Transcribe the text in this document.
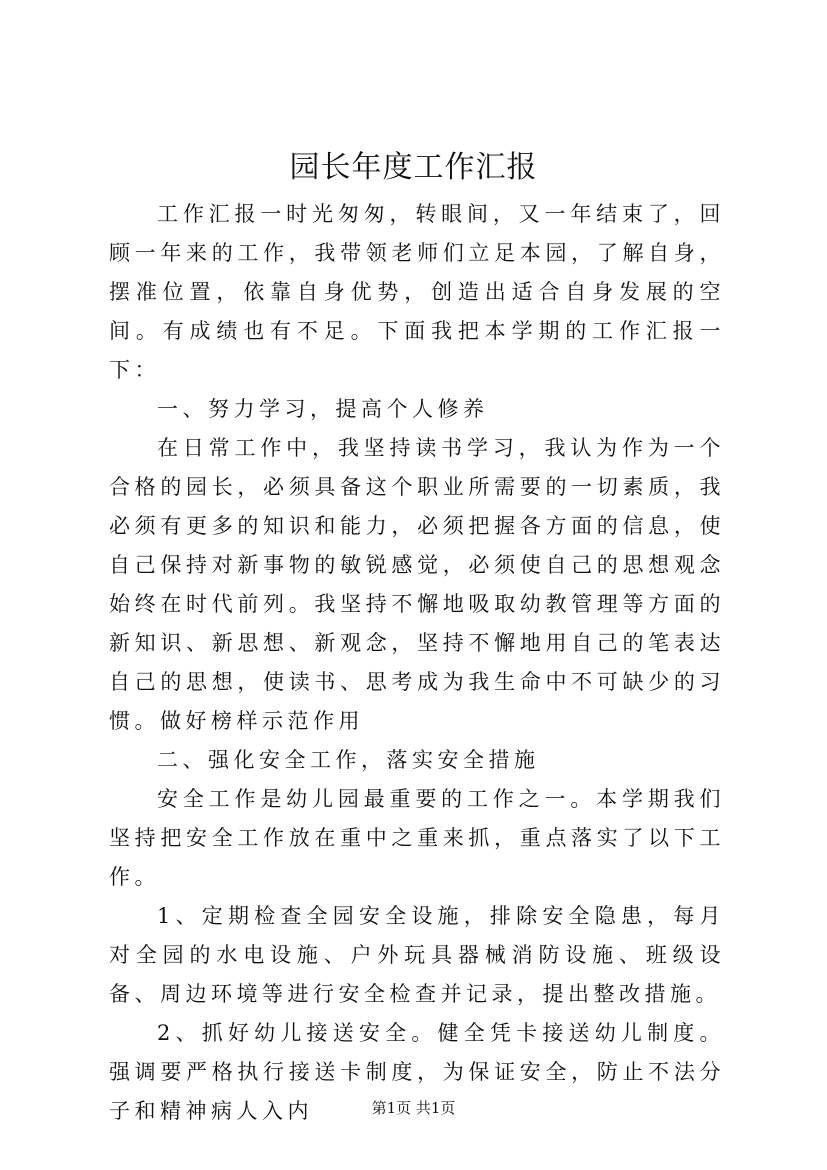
园长年度工作汇报

工作汇报一时光匆匆，转眼间，又一年结束了，回顾一年来的工作，我带领老师们立足本园，了解自身，摆准位置，依靠自身优势，创造出适合自身发展的空间。有成绩也有不足。下面我把本学期的工作汇报一下：

一、努力学习，提高个人修养

在日常工作中，我坚持读书学习，我认为作为一个合格的园长，必须具备这个职业所需要的一切素质，我必须有更多的知识和能力，必须把握各方面的信息，使自己保持对新事物的敏锐感觉，必须使自己的思想观念始终在时代前列。我坚持不懈地吸取幼教管理等方面的新知识、新思想、新观念，坚持不懈地用自己的笔表达自己的思想，使读书、思考成为我生命中不可缺少的习惯。做好榜样示范作用

二、强化安全工作，落实安全措施

安全工作是幼儿园最重要的工作之一。本学期我们坚持把安全工作放在重中之重来抓，重点落实了以下工作。

1、定期检查全园安全设施，排除安全隐患，每月对全园的水电设施、户外玩具器械消防设施、班级设备、周边环境等进行安全检查并记录，提出整改措施。

2、抓好幼儿接送安全。健全凭卡接送幼儿制度。强调要严格执行接送卡制度，为保证安全，防止不法分子和精神病人入内	第1页 共1页
